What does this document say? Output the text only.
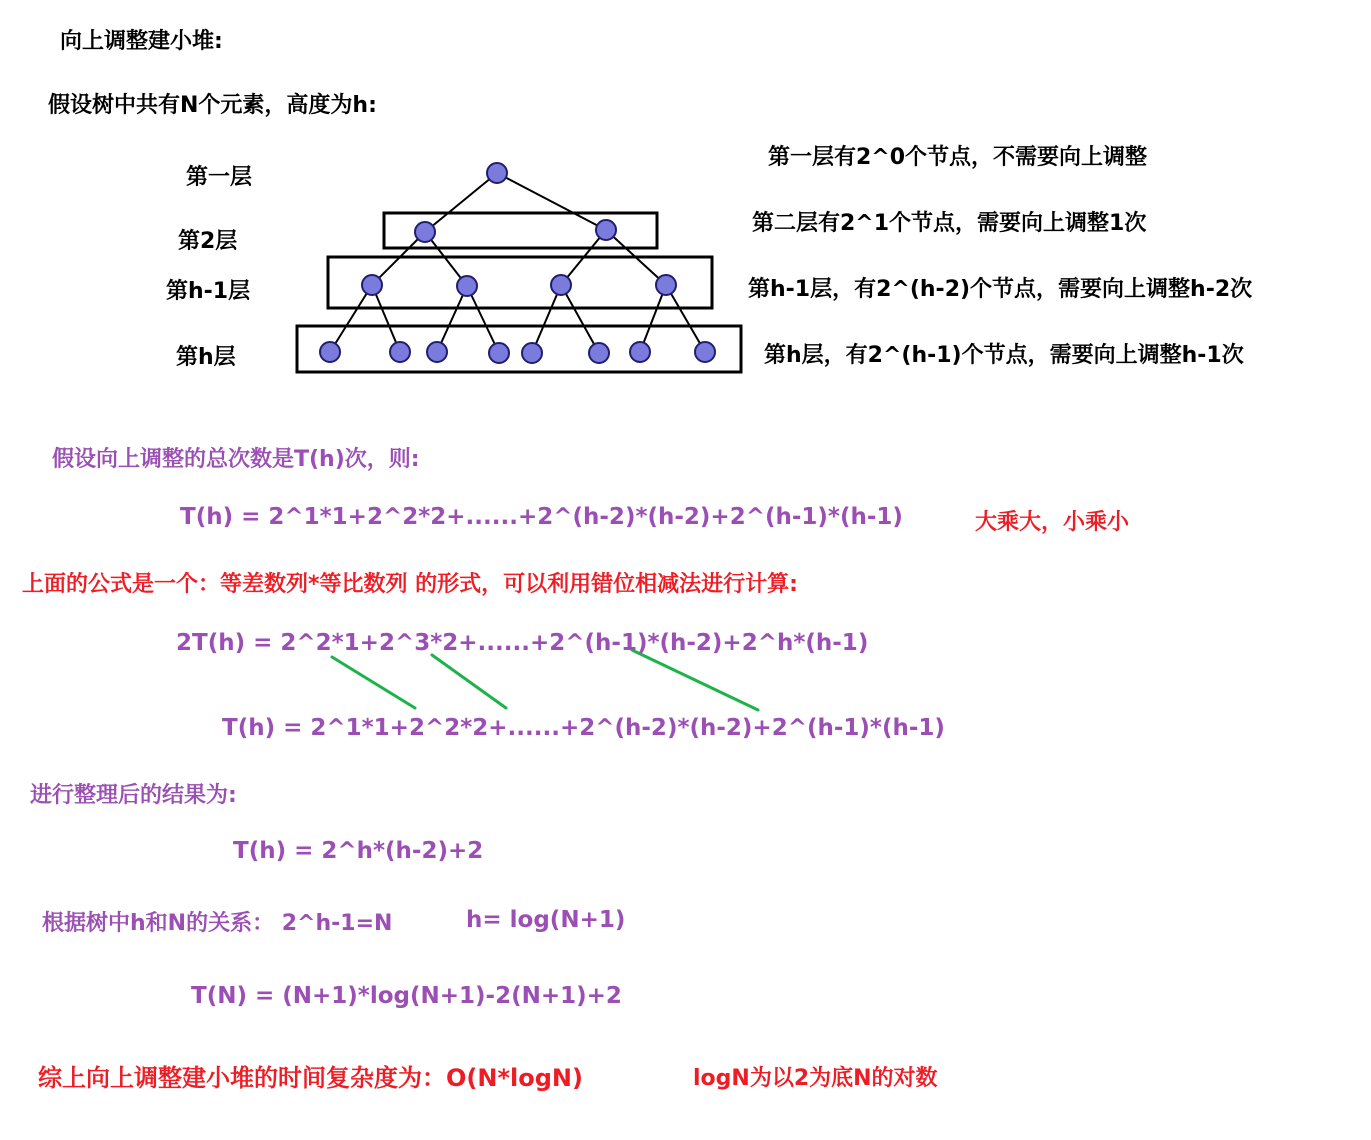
向上调整建小堆:

假设树中共有N个元素，高度为h:

第一层

第2层

第h-1层

第h层

第一层有2^0个节点，不需要向上调整

第二层有2^1个节点，需要向上调整1次

第h-1层，有2^(h-2)个节点，需要向上调整h-2次

第h层，有2^(h-1)个节点，需要向上调整h-1次

假设向上调整的总次数是T(h)次，则:

T(h) = 2^1*1+2^2*2+......+2^(h-2)*(h-2)+2^(h-1)*(h-1)	大乘大，小乘小

上面的公式是一个：等差数列*等比数列 的形式，可以利用错位相减法进行计算:

2T(h) = 2^2*1+2^3*2+......+2^(h-1)*(h-2)+2^h*(h-1)

T(h) = 2^1*1+2^2*2+......+2^(h-2)*(h-2)+2^(h-1)*(h-1)

进行整理后的结果为:

T(h) = 2^h*(h-2)+2

根据树中h和N的关系： 2^h-1=N	h= log(N+1)

T(N) = (N+1)*log(N+1)-2(N+1)+2

综上向上调整建小堆的时间复杂度为：O(N*logN)	logN为以2为底N的对数
